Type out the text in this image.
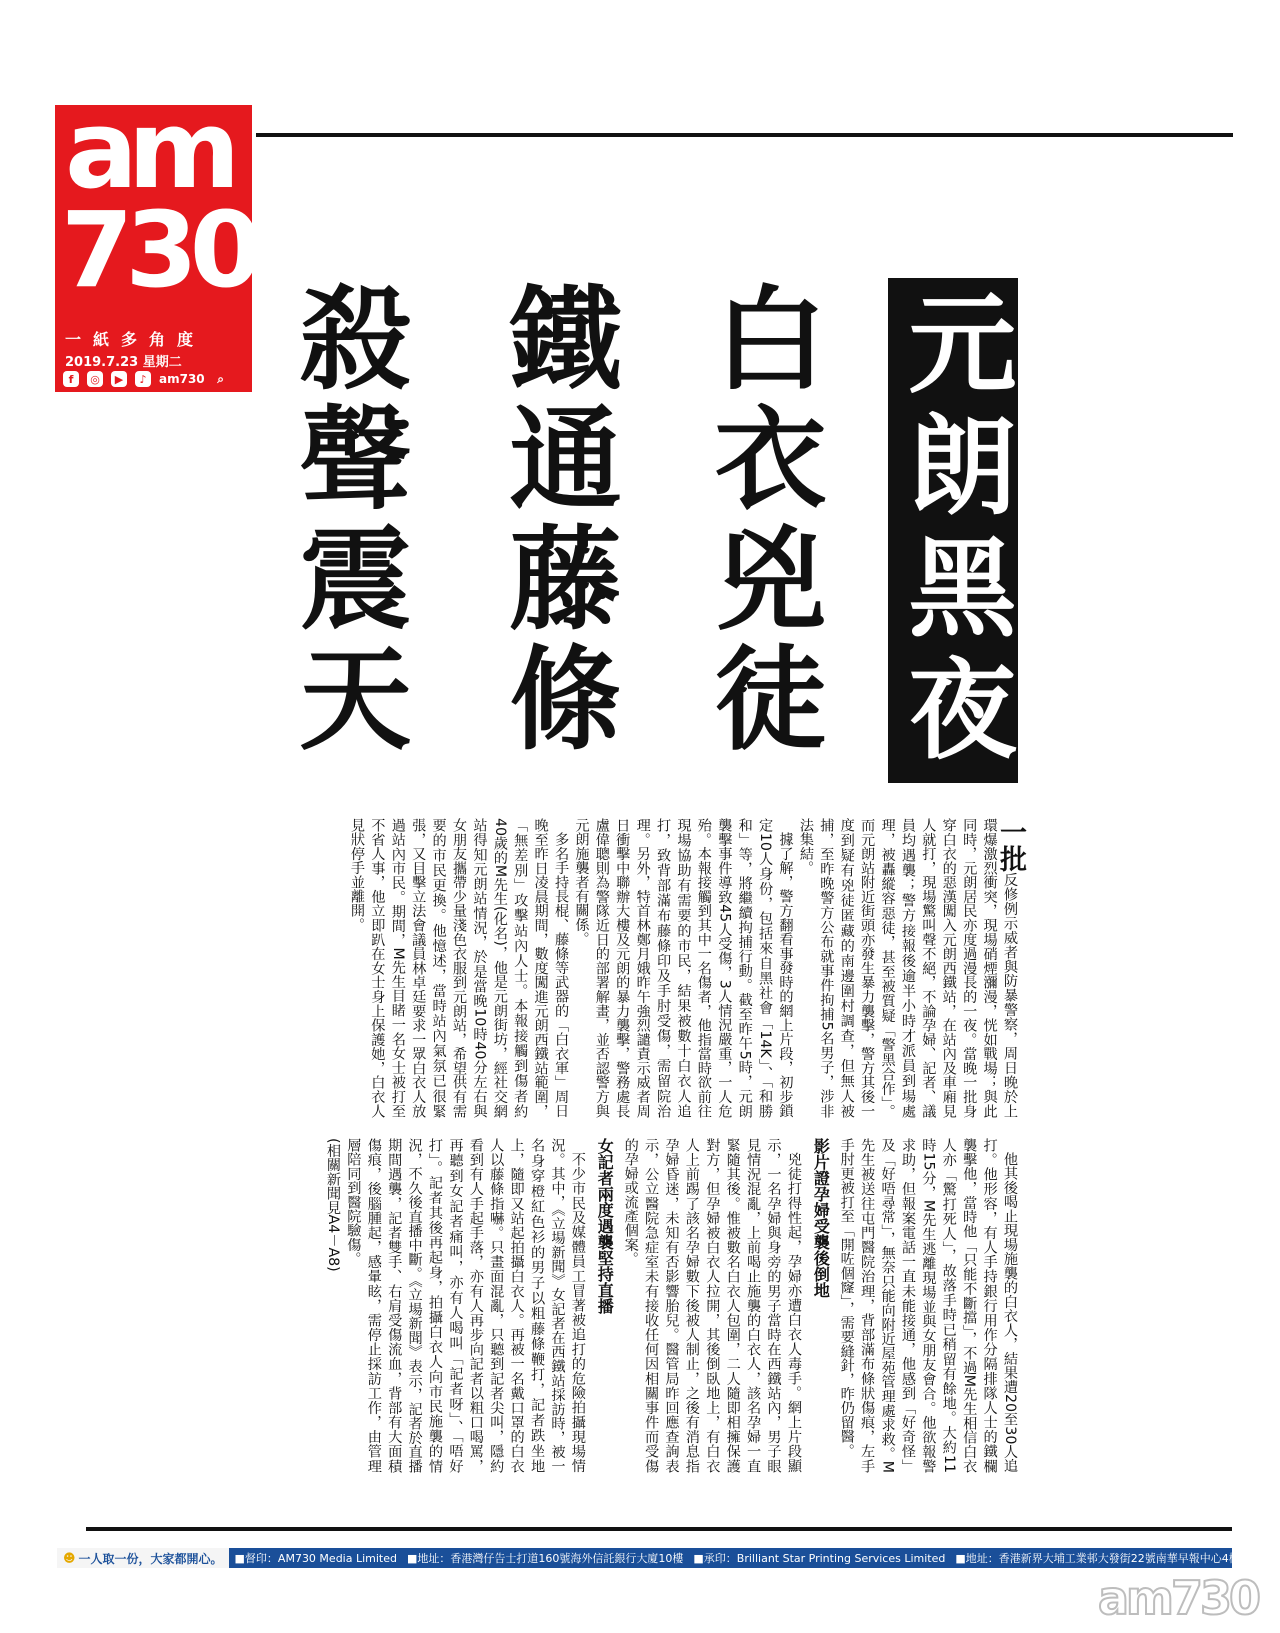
am
730
一紙多角度
2019.7.23 星期二
f	◎	▶	♪	am730	⌕	元朗黑夜
白衣兇徒
鐵通藤條
殺聲震天

一批反修例示威者與防暴警察，周日晚於上環爆激烈衝突，現場硝煙瀰漫，恍如戰場；與此同時，元朗居民亦度過漫長的一夜。當晚一批身穿白衣的惡漢闖入元朗西鐵站，在站內及車廂見人就打，現場驚叫聲不絕，不論孕婦、記者、議員均遇襲；警方接報後逾半小時才派員到場處理，被轟縱容惡徒，甚至被質疑「警黑合作」。而元朗站附近街頭亦發生暴力襲擊，警方其後一度到疑有兇徒匿藏的南邊圍村調查，但無人被捕，至昨晚警方公布就事件拘捕5名男子，涉非法集結。

據了解，警方翻看事發時的網上片段，初步鎖定10人身份，包括來自黑社會「14K」、「和勝和」等，將繼續拘捕行動。截至昨午5時，元朗襲擊事件導致45人受傷，3人情況嚴重，一人危殆。本報接觸到其中一名傷者，他指當時欲前往現場協助有需要的市民，結果被數十白衣人追打，致背部滿布藤條印及手肘受傷，需留院治理。另外，特首林鄭月娥昨午強烈譴責示威者周日衝擊中聯辦大樓及元朗的暴力襲擊，警務處長盧偉聰則為警隊近日的部署解畫，並否認警方與元朗施襲者有關係。

多名手持長棍、藤條等武器的「白衣軍」周日晚至昨日凌晨期間，數度闖進元朗西鐵站範圍，「無差別」攻擊站內人士。本報接觸到傷者約40歲的M先生(化名)，他是元朗街坊，經社交網站得知元朗站情況，於是當晚10時40分左右與女朋友攜帶少量淺色衣服到元朗站，希望供有需要的市民更換。他憶述，當時站內氣氛已很緊張，又目擊立法會議員林卓廷要求一眾白衣人放過站內市民。期間，M先生目睹一名女士被打至不省人事，他立即趴在女士身上保護她，白衣人見狀停手並離開。

他其後喝止現場施襲的白衣人，結果遭20至30人追打。他形容，有人手持銀行用作分隔排隊人士的鐵欄襲擊他，當時他「只能不斷擋」，不過M先生相信白衣人亦「驚打死人」，故落手時已稍留有餘地。大約11時15分，M先生逃離現場並與女朋友會合。他欲報警求助，但報案電話一直未能接通，他感到「好奇怪」及「好唔尋常」，無奈只能向附近屋苑管理處求救。M先生被送往屯門醫院治理，背部滿布條狀傷痕，左手手肘更被打至「開咗個窿」，需要縫針，昨仍留醫。

影片證孕婦受襲後倒地

兇徒打得性起，孕婦亦遭白衣人毒手。網上片段顯示，一名孕婦與身旁的男子當時在西鐵站內，男子眼見情況混亂，上前喝止施襲的白衣人，該名孕婦一直緊隨其後。惟被數名白衣人包圍，二人隨即相擁保護對方，但孕婦被白衣人拉開，其後倒臥地上，有白衣人上前踢了該名孕婦數下後被人制止，之後有消息指孕婦昏迷，未知有否影響胎兒。醫管局昨回應查詢表示，公立醫院急症室未有接收任何因相關事件而受傷的孕婦或流產個案。

女記者兩度遇襲堅持直播

不少市民及媒體員工冒著被追打的危險拍攝現場情況。其中，《立場新聞》女記者在西鐵站採訪時，被一名身穿橙紅色衫的男子以粗藤條鞭打，記者跌坐地上，隨即又站起拍攝白衣人。再被一名戴口罩的白衣人以藤條指嚇。只畫面混亂，只聽到記者尖叫，隱約看到有人手起手落，亦有人再步向記者以粗口喝罵，再聽到女記者痛叫，亦有人喝叫「記者呀」、「唔好打」。記者其後再起身，拍攝白衣人向市民施襲的情況，不久後直播中斷。《立場新聞》表示，記者於直播期間遇襲，記者雙手、右肩受傷流血，背部有大面積傷痕，後腦腫起，感暈眩，需停止採訪工作，由管理層陪同到醫院驗傷。

(相關新聞見A4－A8)

☻ 一人取一份，大家都開心。 ■督印：AM730 Media Limited ■地址：香港灣仔告士打道160號海外信託銀行大廈10樓 ■承印：Brilliant Star Printing Services Limited ■地址：香港新界大埔工業邨大發街22號南華早報中心4樓
am730
